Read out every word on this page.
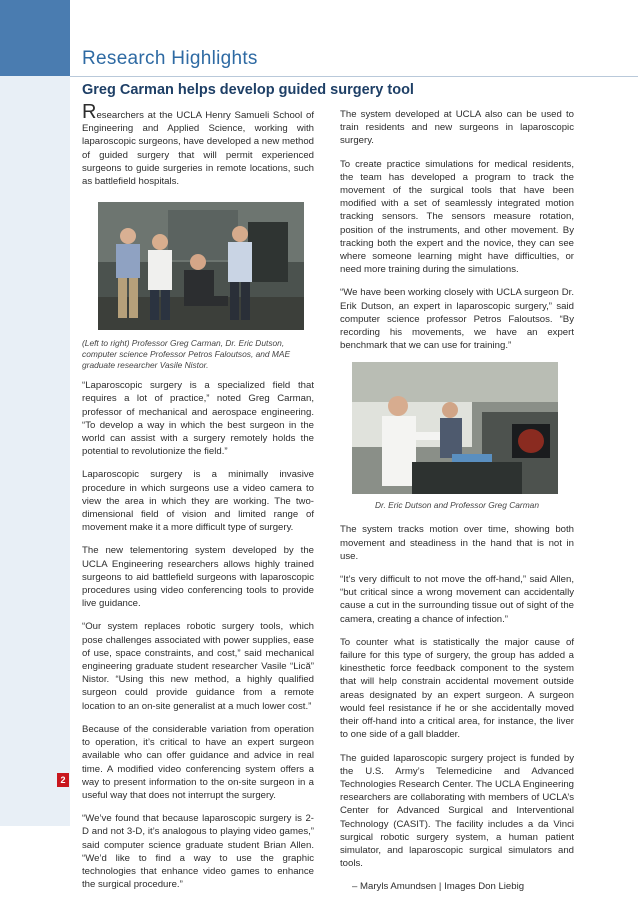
2
Research Highlights
Greg Carman helps develop guided surgery tool

Researchers at the UCLA Henry Samueli School of Engineering and Applied Science, working with laparoscopic surgeons, have developed a new method of guided surgery that will permit experienced surgeons to guide surgeries in remote locations, such as battlefield hospitals.

(Left to right) Professor Greg Carman, Dr. Eric Dutson, computer science Professor Petros Faloutsos, and MAE graduate researcher Vasile Nistor.

“Laparoscopic surgery is a specialized field that requires a lot of practice,” noted Greg Carman, professor of mechanical and aerospace engineering. “To develop a way in which the best surgeon in the world can assist with a surgery remotely holds the potential to revolutionize the field.”

Laparoscopic surgery is a minimally invasive procedure in which surgeons use a video camera to view the area in which they are working. The two-dimensional field of vision and limited range of movement make it a more difficult type of surgery.

The new telementoring system developed by the UCLA Engineering researchers allows highly trained surgeons to aid battlefield surgeons with laparoscopic procedures using video conferencing tools to provide live guidance.

“Our system replaces robotic surgery tools, which pose challenges associated with power supplies, ease of use, space constraints, and cost,” said mechanical engineering graduate student researcher Vasile “Lică” Nistor. “Using this new method, a highly qualified surgeon could provide guidance from a remote location to an on-site generalist at a much lower cost.”

Because of the considerable variation from operation to operation, it’s critical to have an expert surgeon available who can offer guidance and advice in real time. A modified video conferencing system offers a way to present information to the on-site surgeon in a useful way that does not interrupt the surgery.

“We’ve found that because laparoscopic surgery is 2-D and not 3-D, it’s analogous to playing video games,” said computer science graduate student Brian Allen. “We’d like to find a way to use the graphic technologies that enhance video games to enhance the surgical procedure.”

The system developed at UCLA also can be used to train residents and new surgeons in laparoscopic surgery.

To create practice simulations for medical residents, the team has developed a program to track the movement of the surgical tools that have been modified with a set of seamlessly integrated motion tracking sensors. The sensors measure rotation, position of the instruments, and other movement. By tracking both the expert and the novice, they can see where someone learning might have difficulties, or need more training during the simulations.

“We have been working closely with UCLA surgeon Dr. Erik Dutson, an expert in laparoscopic surgery,” said computer science professor Petros Faloutsos. “By recording his movements, we have an expert benchmark that we can use for training.”

Dr. Eric Dutson and Professor Greg Carman

The system tracks motion over time, showing both movement and steadiness in the hand that is not in use.

“It’s very difficult to not move the off-hand,” said Allen, “but critical since a wrong movement can accidentally cause a cut in the surrounding tissue out of sight of the camera, creating a chance of infection.”

To counter what is statistically the major cause of failure for this type of surgery, the group has added a kinesthetic force feedback component to the system that will help constrain accidental movement outside areas designated by an expert surgeon. A surgeon would feel resistance if he or she accidentally moved their off-hand into a critical area, for instance, the liver to one side of a gall bladder.

The guided laparoscopic surgery project is funded by the U.S. Army’s Telemedicine and Advanced Technologies Research Center. The UCLA Engineering researchers are collaborating with members of UCLA’s Center for Advanced Surgical and Interventional Technology (CASIT). The facility includes a da Vinci surgical robotic surgery system, a human patient simulator, and laparoscopic surgical simulators and tools.

– Maryls Amundsen | Images Don Liebig
